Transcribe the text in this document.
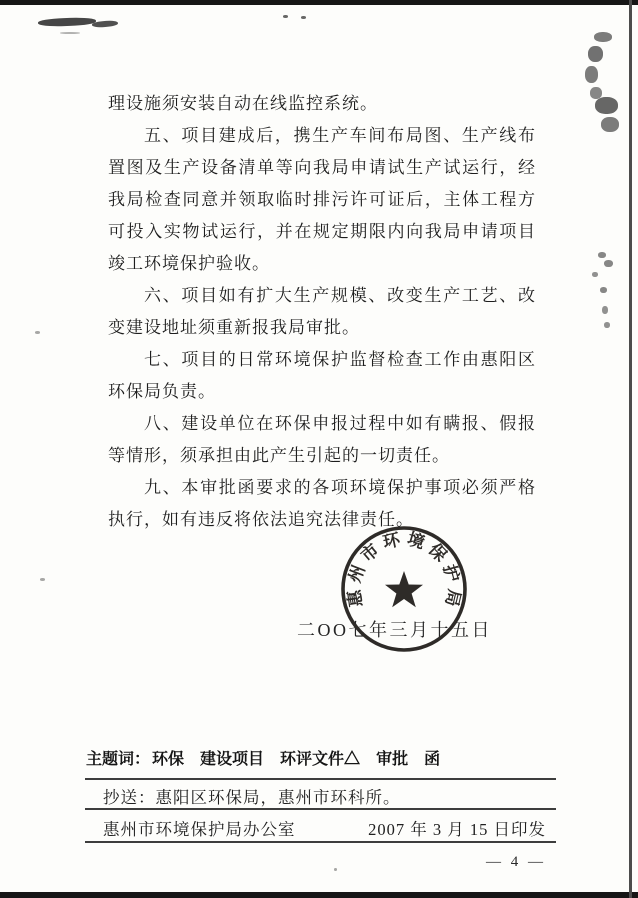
理设施须安装自动在线监控系统。

五、项目建成后，携生产车间布局图、生产线布置图及生产设备清单等向我局申请试生产试运行，经我局检查同意并领取临时排污许可证后，主体工程方可投入实物试运行，并在规定期限内向我局申请项目竣工环境保护验收。

六、项目如有扩大生产规模、改变生产工艺、改变建设地址须重新报我局审批。

七、项目的日常环境保护监督检查工作由惠阳区环保局负责。

八、建设单位在环保申报过程中如有瞒报、假报等情形，须承担由此产生引起的一切责任。

九、本审批函要求的各项环境保护事项必须严格执行，如有违反将依法追究法律责任。

二OO七年三月十五日
惠州市环境保护局
主题词： 环保 建设项目 环评文件△ 审批 函
抄送：惠阳区环保局，惠州市环科所。
惠州市环境保护局办公室	2007 年 3 月 15 日印发
— 4 —
